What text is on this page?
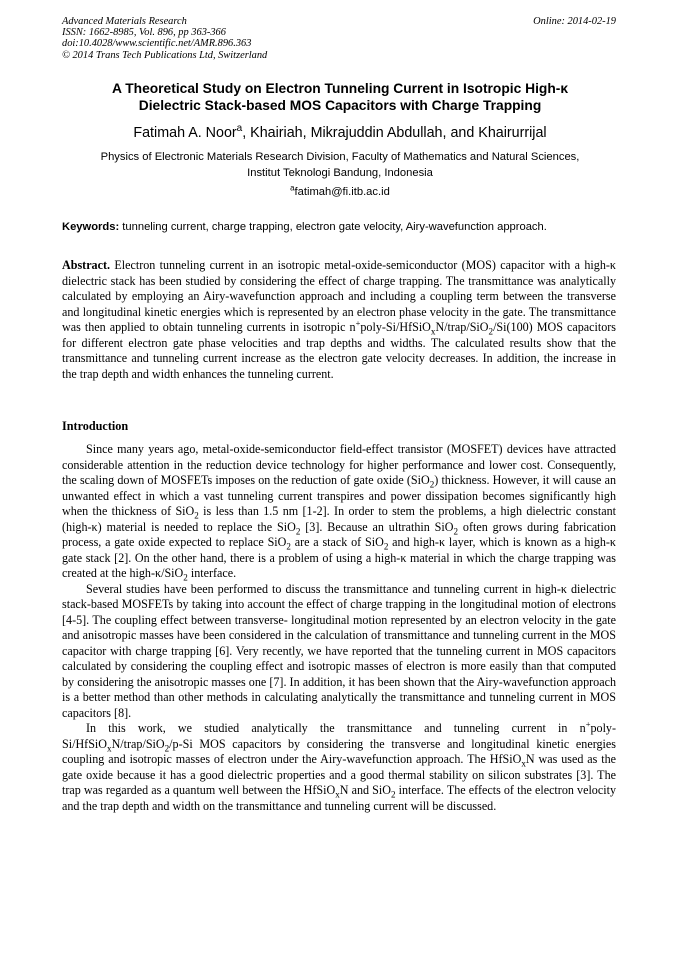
Advanced Materials Research
ISSN: 1662-8985, Vol. 896, pp 363-366
doi:10.4028/www.scientific.net/AMR.896.363
© 2014 Trans Tech Publications Ltd, Switzerland
Online: 2014-02-19
A Theoretical Study on Electron Tunneling Current in Isotropic High-κ
Dielectric Stack-based MOS Capacitors with Charge Trapping
Fatimah A. Noor$^a$, Khairiah, Mikrajuddin Abdullah, and Khairurrijal
Physics of Electronic Materials Research Division, Faculty of Mathematics and Natural Sciences,
Institut Teknologi Bandung, Indonesia
$^a$fatimah@fi.itb.ac.id
Keywords: tunneling current, charge trapping, electron gate velocity, Airy-wavefunction approach.

Abstract. Electron tunneling current in an isotropic metal-oxide-semiconductor (MOS) capacitor with a high-κ dielectric stack has been studied by considering the effect of charge trapping. The transmittance was analytically calculated by employing an Airy-wavefunction approach and including a coupling term between the transverse and longitudinal kinetic energies which is represented by an electron phase velocity in the gate. The transmittance was then applied to obtain tunneling currents in isotropic n+poly-Si/HfSiO$_x$N/trap/SiO$_2$/Si(100) MOS capacitors for different electron gate phase velocities and trap depths and widths. The calculated results show that the transmittance and tunneling current increase as the electron gate velocity decreases. In addition, the increase in the trap depth and width enhances the tunneling current.

Introduction

Since many years ago, metal-oxide-semiconductor field-effect transistor (MOSFET) devices have attracted considerable attention in the reduction device technology for higher performance and lower cost. Consequently, the scaling down of MOSFETs imposes on the reduction of gate oxide (SiO$_2$) thickness. However, it will cause an unwanted effect in which a vast tunneling current transpires and power dissipation becomes significantly high when the thickness of SiO$_2$ is less than 1.5 nm [1-2]. In order to stem the problems, a high dielectric constant (high-κ) material is needed to replace the SiO$_2$ [3]. Because an ultrathin SiO$_2$ often grows during fabrication process, a gate oxide expected to replace SiO$_2$ are a stack of SiO$_2$ and high-κ layer, which is known as a high-κ gate stack [2]. On the other hand, there is a problem of using a high-κ material in which the charge trapping was created at the high-κ/SiO$_2$ interface.

Several studies have been performed to discuss the transmittance and tunneling current in high-κ dielectric stack-based MOSFETs by taking into account the effect of charge trapping in the longitudinal motion of electrons [4-5]. The coupling effect between transverse- longitudinal motion represented by an electron velocity in the gate and anisotropic masses have been considered in the calculation of transmittance and tunneling current in the MOS capacitor with charge trapping [6]. Very recently, we have reported that the tunneling current in MOS capacitors calculated by considering the coupling effect and isotropic masses of electron is more easily than that computed by considering the anisotropic masses one [7]. In addition, it has been shown that the Airy-wavefunction approach is a better method than other methods in calculating analytically the transmittance and tunneling current in MOS capacitors [8].

In this work, we studied analytically the transmittance and tunneling current in n+poly-Si/HfSiO$_x$N/trap/SiO$_2$/p-Si MOS capacitors by considering the transverse and longitudinal kinetic energies coupling and isotropic masses of electron under the Airy-wavefunction approach. The HfSiO$_x$N was used as the gate oxide because it has a good dielectric properties and a good thermal stability on silicon substrates [3]. The trap was regarded as a quantum well between the HfSiO$_x$N and SiO$_2$ interface. The effects of the electron velocity and the trap depth and width on the transmittance and tunneling current will be discussed.
